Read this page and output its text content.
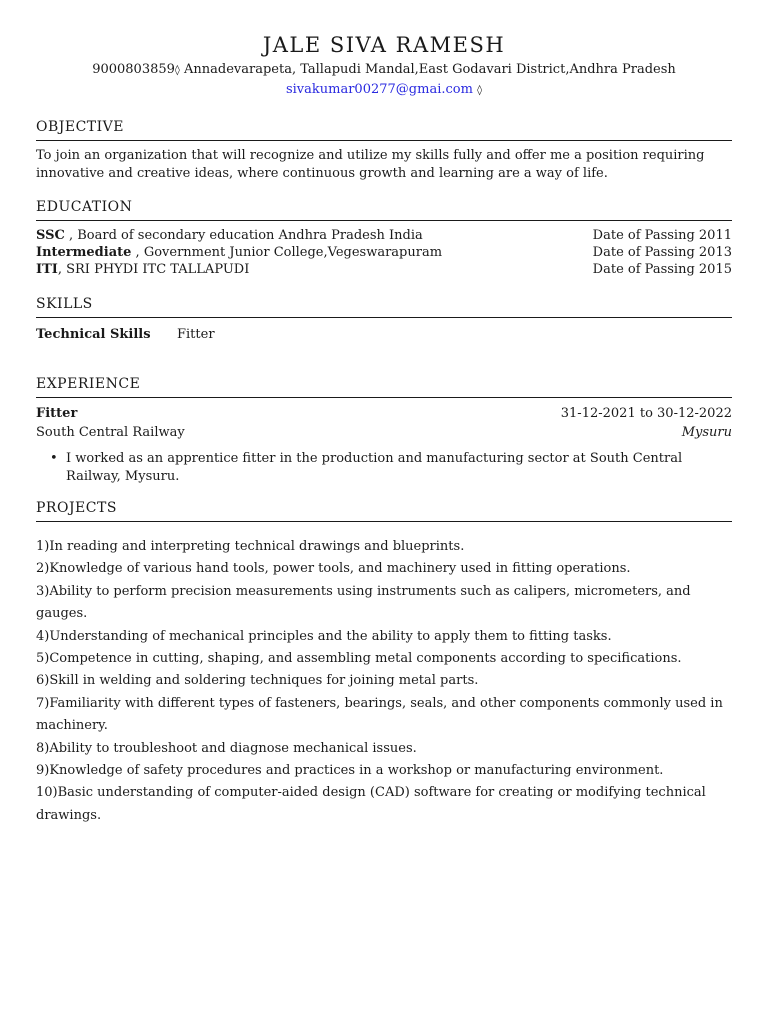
JALE SIVA RAMESH
9000803859◊ Annadevarapeta, Tallapudi Mandal,East Godavari District,Andhra Pradesh
sivakumar00277@gmai.com ◊
OBJECTIVE
To join an organization that will recognize and utilize my skills fully and offer me a position requiring innovative and creative ideas, where continuous growth and learning are a way of life.
EDUCATION
SSC , Board of secondary education Andhra Pradesh India	Date of Passing 2011
Intermediate , Government Junior College,Vegeswarapuram	Date of Passing 2013
ITI, SRI PHYDI ITC TALLAPUDI	Date of Passing 2015
SKILLS
Technical Skills	Fitter
EXPERIENCE
Fitter	31-12-2021 to 30-12-2022
South Central Railway	Mysuru
• I worked as an apprentice fitter in the production and manufacturing sector at South Central Railway, Mysuru.
PROJECTS
1)In reading and interpreting technical drawings and blueprints.
2)Knowledge of various hand tools, power tools, and machinery used in fitting operations.
3)Ability to perform precision measurements using instruments such as calipers, micrometers, and gauges.
4)Understanding of mechanical principles and the ability to apply them to fitting tasks.
5)Competence in cutting, shaping, and assembling metal components according to specifications.
6)Skill in welding and soldering techniques for joining metal parts.
7)Familiarity with different types of fasteners, bearings, seals, and other components commonly used in machinery.
8)Ability to troubleshoot and diagnose mechanical issues.
9)Knowledge of safety procedures and practices in a workshop or manufacturing environment.
10)Basic understanding of computer-aided design (CAD) software for creating or modifying technical drawings.
